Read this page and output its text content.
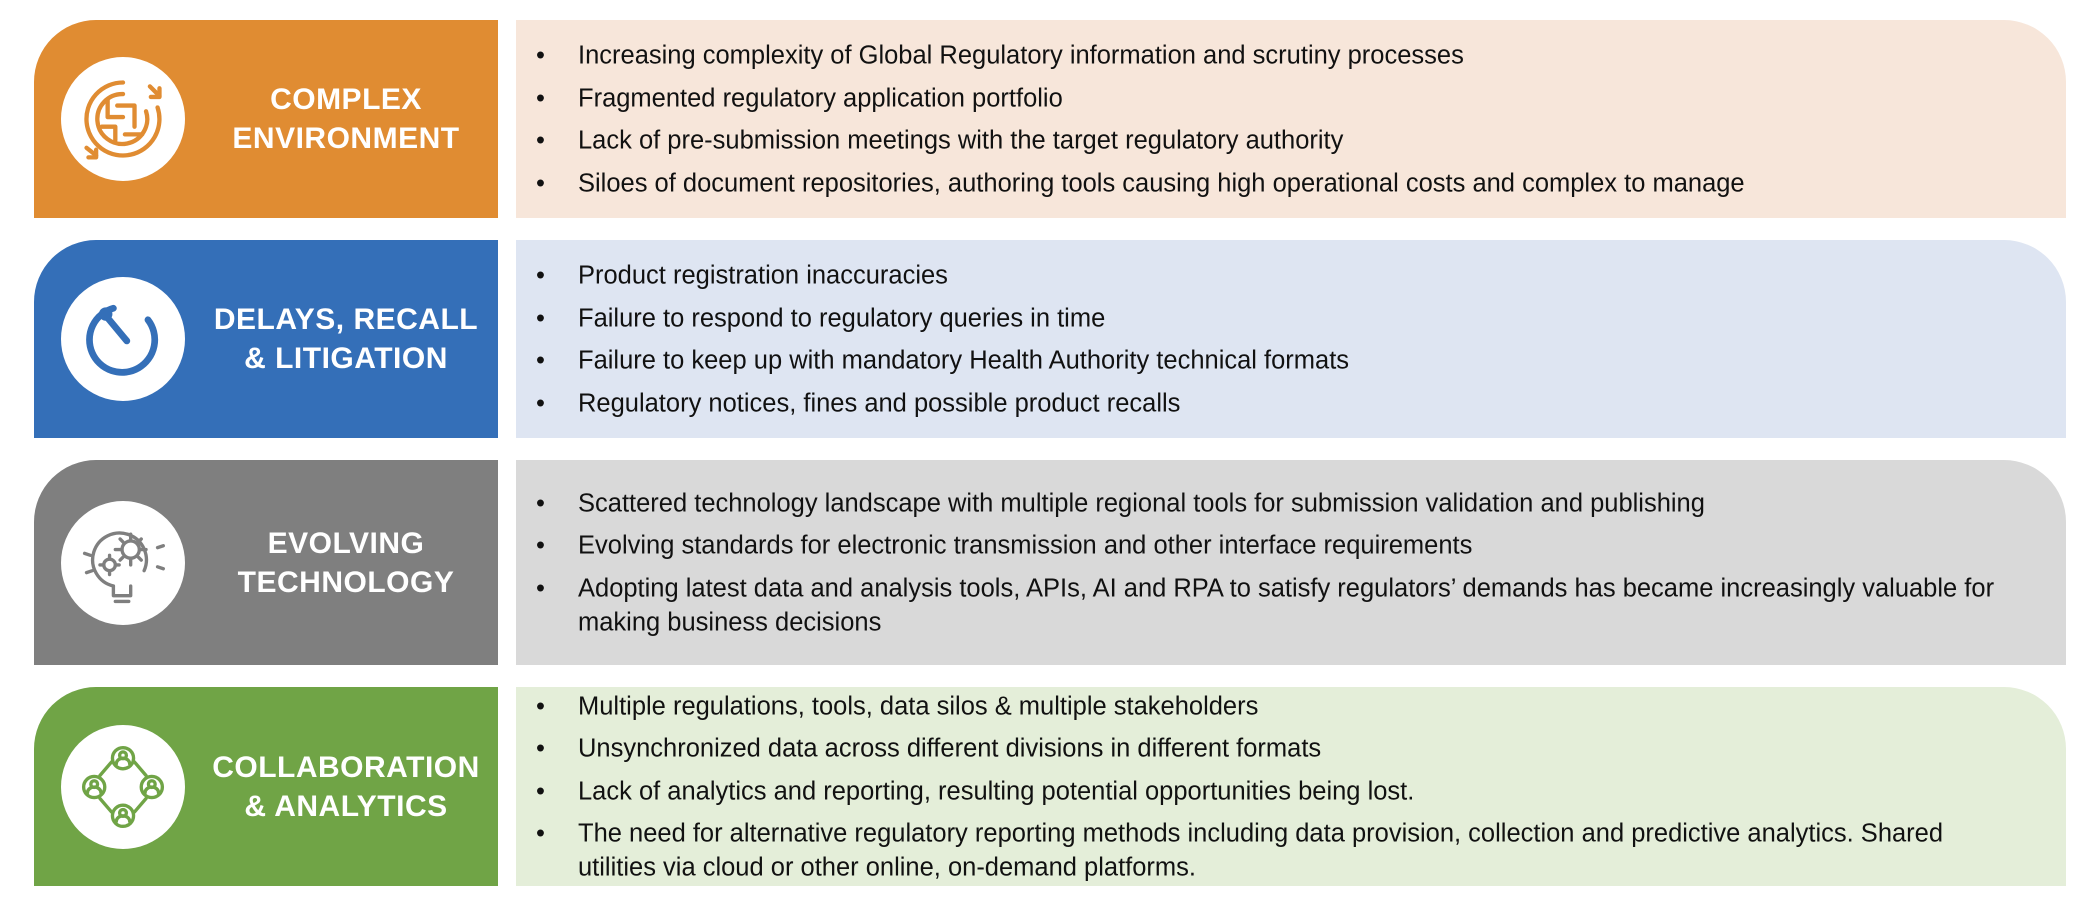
COMPLEX
ENVIRONMENT
• Increasing complexity of Global Regulatory information and scrutiny processes
• Fragmented regulatory application portfolio
• Lack of pre-submission meetings with the target regulatory authority
• Siloes of document repositories, authoring tools causing high operational costs and complex to manage
DELAYS, RECALL
& LITIGATION
• Product registration inaccuracies
• Failure to respond to regulatory queries in time
• Failure to keep up with mandatory Health Authority technical formats
• Regulatory notices, fines and possible product recalls
EVOLVING
TECHNOLOGY
• Scattered technology landscape with multiple regional tools for submission validation and publishing
• Evolving standards for electronic transmission and other interface requirements
• Adopting latest data and analysis tools, APIs, AI and RPA to satisfy regulators’ demands has became increasingly valuable for making business decisions
COLLABORATION
& ANALYTICS
• Multiple regulations, tools, data silos & multiple stakeholders
• Unsynchronized data across different divisions in different formats
• Lack of analytics and reporting, resulting potential opportunities being lost.
• The need for alternative regulatory reporting methods including data provision, collection and predictive analytics. Shared utilities via cloud or other online, on-demand platforms.
